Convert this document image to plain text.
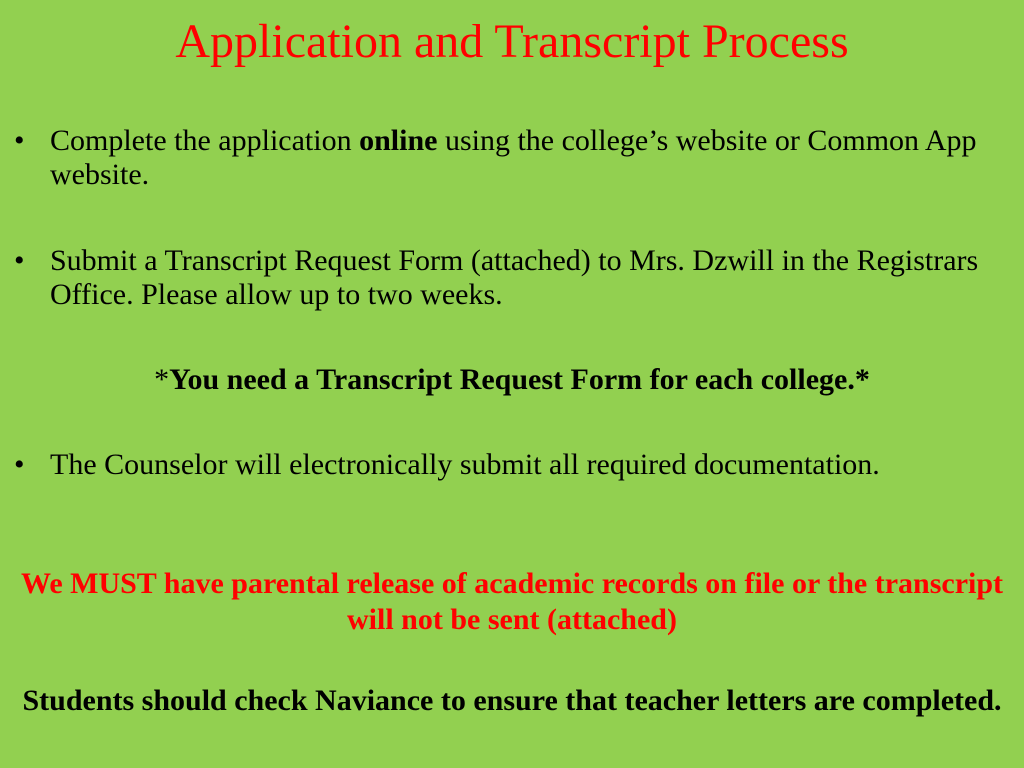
Application and Transcript Process
• Complete the application online using the college’s website or Common App website.
• Submit a Transcript Request Form (attached) to Mrs. Dzwill in the Registrars Office. Please allow up to two weeks.
*You need a Transcript Request Form for each college.*
• The Counselor will electronically submit all required documentation.
We MUST have parental release of academic records on file or the transcript will not be sent (attached)
Students should check Naviance to ensure that teacher letters are completed.
